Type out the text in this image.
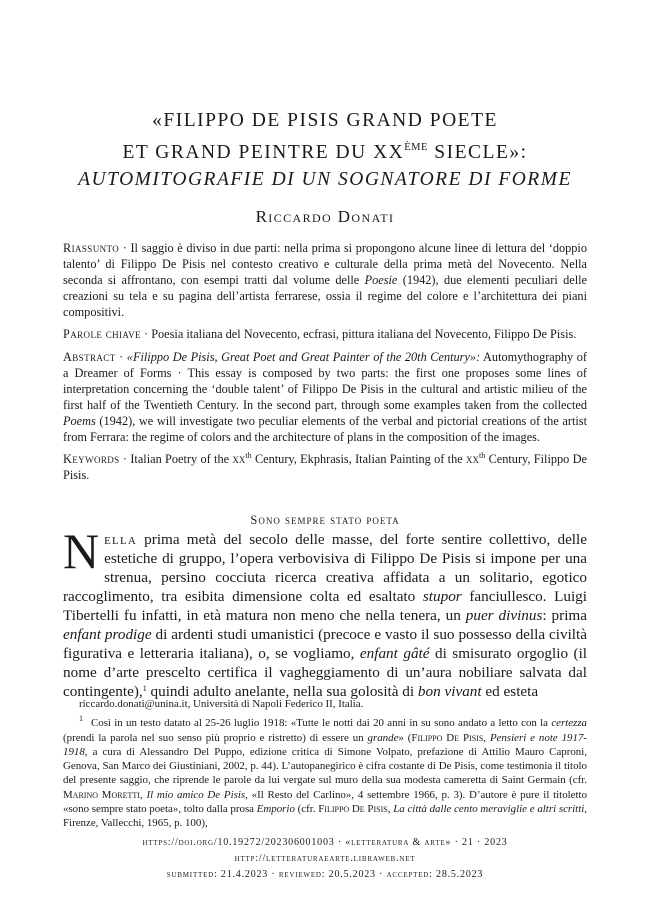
«FILIPPO DE PISIS GRAND POETE
ET GRAND PEINTRE DU XXÈME SIECLE»:
AUTOMITOGRAFIE DI UN SOGNATORE DI FORME
Riccardo Donati

Riassunto · Il saggio è diviso in due parti: nella prima si propongono alcune linee di lettura del ‘doppio talento’ di Filippo De Pisis nel contesto creativo e culturale della prima metà del Novecento. Nella seconda si affrontano, con esempi tratti dal volume delle Poesie (1942), due elementi peculiari delle creazioni su tela e su pagina dell’artista ferrarese, ossia il regime del colore e l’architettura dei piani compositivi.

Parole chiave · Poesia italiana del Novecento, ecfrasi, pittura italiana del Novecento, Filippo De Pisis.

Abstract · «Filippo De Pisis, Great Poet and Great Painter of the 20th Century»: Automythography of a Dreamer of Forms · This essay is composed by two parts: the first one proposes some lines of interpretation concerning the ‘double talent’ of Filippo De Pisis in the cultural and artistic milieu of the first half of the Twentieth Century. In the second part, through some examples taken from the collected Poems (1942), we will investigate two peculiar elements of the verbal and pictorial creations of the artist from Ferrara: the regime of colors and the architecture of plans in the composition of the images.

Keywords · Italian Poetry of the $xx^{th}$ Century, Ekphrasis, Italian Painting of the $xx^{th}$ Century, Filippo De Pisis.

Sono sempre stato poeta

Nella prima metà del secolo delle masse, del forte sentire collettivo, delle estetiche di gruppo, l’opera verbovisiva di Filippo De Pisis si impone per una strenua, persino cocciuta ricerca creativa affidata a un solitario, egotico raccoglimento, tra esibita dimensione colta ed esaltato stupor fanciullesco. Luigi Tibertelli fu infatti, in età matura non meno che nella tenera, un puer divinus: prima enfant prodige di ardenti studi umanistici (precoce e vasto il suo possesso della civiltà figurativa e letteraria italiana), o, se vogliamo, enfant gâté di smisurato orgoglio (il nome d’arte prescelto certifica il vagheggiamento di un’aura nobiliare salvata dal contingente),$^1$ quindi adulto anelante, nella sua golosità di bon vivant ed esteta

riccardo.donati@unina.it, Università di Napoli Federico II, Italia.

$^1$ Così in un testo datato al 25-26 luglio 1918: «Tutte le notti dai 20 anni in su sono andato a letto con la certezza (prendi la parola nel suo senso più proprio e ristretto) di essere un grande» (Filippo De Pisis, Pensieri e note 1917-1918, a cura di Alessandro Del Puppo, edizione critica di Simone Volpato, prefazione di Attilio Mauro Caproni, Genova, San Marco dei Giustiniani, 2002, p. 44). L’autopanegirico è cifra costante di De Pisis, come testimonia il titolo del presente saggio, che riprende le parole da lui vergate sul muro della sua modesta cameretta di Saint Germain (cfr. Marino Moretti, Il mio amico De Pisis, «Il Resto del Carlino», 4 settembre 1966, p. 3). D’autore è pure il titoletto «sono sempre stato poeta», tolto dalla prosa Emporio (cfr. Filippo De Pisis, La città dalle cento meraviglie e altri scritti, Firenze, Vallecchi, 1965, p. 100),

https://doi.org/10.19272/202306001003 · «letteratura & arte» · 21 · 2023
http://letteraturaearte.libraweb.net
submitted: 21.4.2023 · reviewed: 20.5.2023 · accepted: 28.5.2023
